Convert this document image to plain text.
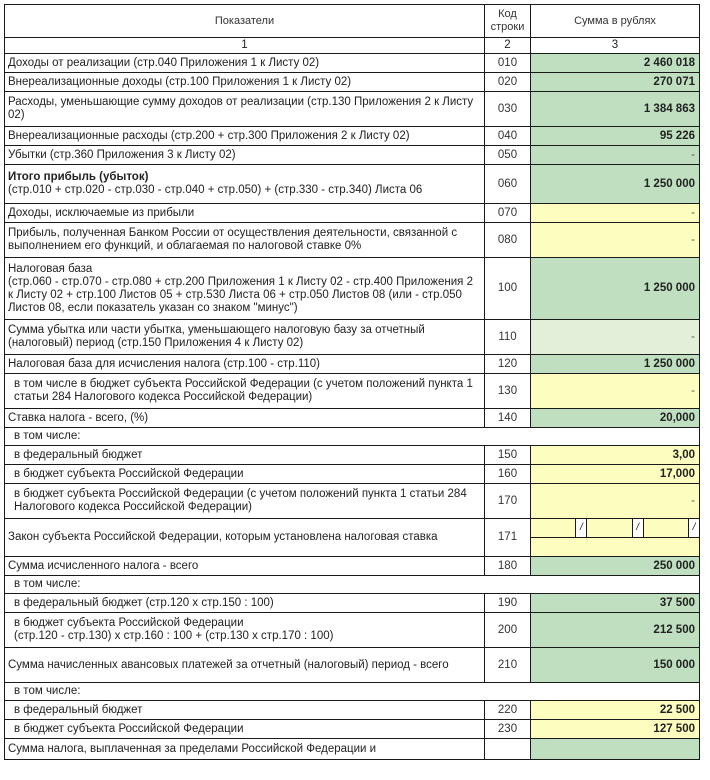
Показатели	Код строки	Сумма в рублях
1	2	3
Доходы от реализации (стр.040 Приложения 1 к Листу 02)	010	2 460 018
Внереализационные доходы (стр.100 Приложения 1 к Листу 02)	020	270 071
Расходы, уменьшающие сумму доходов от реализации (стр.130 Приложения 2 к Листу 02)	030	1 384 863
Внереализационные расходы (стр.200 + стр.300 Приложения 2 к Листу 02)	040	95 226
Убытки (стр.360 Приложения 3 к Листу 02)	050	-

Итого прибыль (убыток)
(стр.010 + стр.020 - стр.030 - стр.040 + стр.050) + (стр.330 - стр.340) Листа 06	060	1 250 000
Доходы, исключаемые из прибыли	070	-
Прибыль, полученная Банком России от осуществления деятельности, связанной с выполнением его функций, и облагаемая по налоговой ставке 0%	080	-

Налоговая база
(стр.060 - стр.070 - стр.080 + стр.200 Приложения 1 к Листу 02 - стр.400 Приложения 2 к Листу 02 + стр.100 Листов 05 + стр.530 Листа 06 + стр.050 Листов 08 (или - стр.050 Листов 08, если показатель указан со знаком "минус")	100	1 250 000
Сумма убытка или части убытка, уменьшающего налоговую базу за отчетный (налоговый) период (стр.150 Приложения 4 к Листу 02)	110	-
Налоговая база для исчисления налога (стр.100 - стр.110)	120	1 250 000
в том числе в бюджет субъекта Российской Федерации (с учетом положений пункта 1 статьи 284 Налогового кодекса Российской Федерации)	130	-
Ставка налога - всего, (%)	140	20,000
в том числе:		
в федеральный бюджет	150	3,00
в бюджет субъекта Российской Федерации	160	17,000
в бюджет субъекта Российской Федерации (с учетом положений пункта 1 статьи 284 Налогового кодекса Российской Федерации)	170	-
Закон субъекта Российской Федерации, которым установлена налоговая ставка	171	/ / /

Сумма исчисленного налога - всего	180	250 000
в том числе:		
в федеральный бюджет (стр.120 х стр.150 : 100)	190	37 500

в бюджет субъекта Российской Федерации
(стр.120 - стр.130) х стр.160 : 100 + (стр.130 х стр.170 : 100)	200	212 500
Сумма начисленных авансовых платежей за отчетный (налоговый) период - всего	210	150 000
в том числе:		
в федеральный бюджет	220	22 500
в бюджет субъекта Российской Федерации	230	127 500
Сумма налога, выплаченная за пределами Российской Федерации и		
